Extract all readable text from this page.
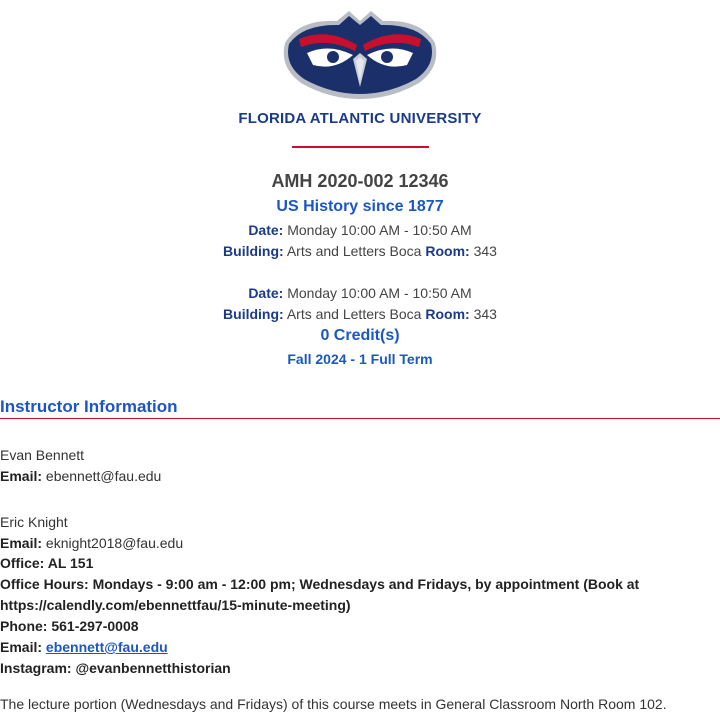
FLORIDA ATLANTIC UNIVERSITY
AMH 2020-002 12346
US History since 1877
Date: Monday 10:00 AM - 10:50 AM
Building: Arts and Letters Boca Room: 343
Date: Monday 10:00 AM - 10:50 AM
Building: Arts and Letters Boca Room: 343
0 Credit(s)
Fall 2024 - 1 Full Term
Instructor Information
Evan Bennett
Email: ebennett@fau.edu
Eric Knight
Email: eknight2018@fau.edu
Office: AL 151
Office Hours: Mondays - 9:00 am - 12:00 pm; Wednesdays and Fridays, by appointment (Book at https://calendly.com/ebennettfau/15-minute-meeting)
Phone: 561-297-0008
Email: ebennett@fau.edu
Instagram: @evanbennetthistorian
The lecture portion (Wednesdays and Fridays) of this course meets in General Classroom North Room 102.
